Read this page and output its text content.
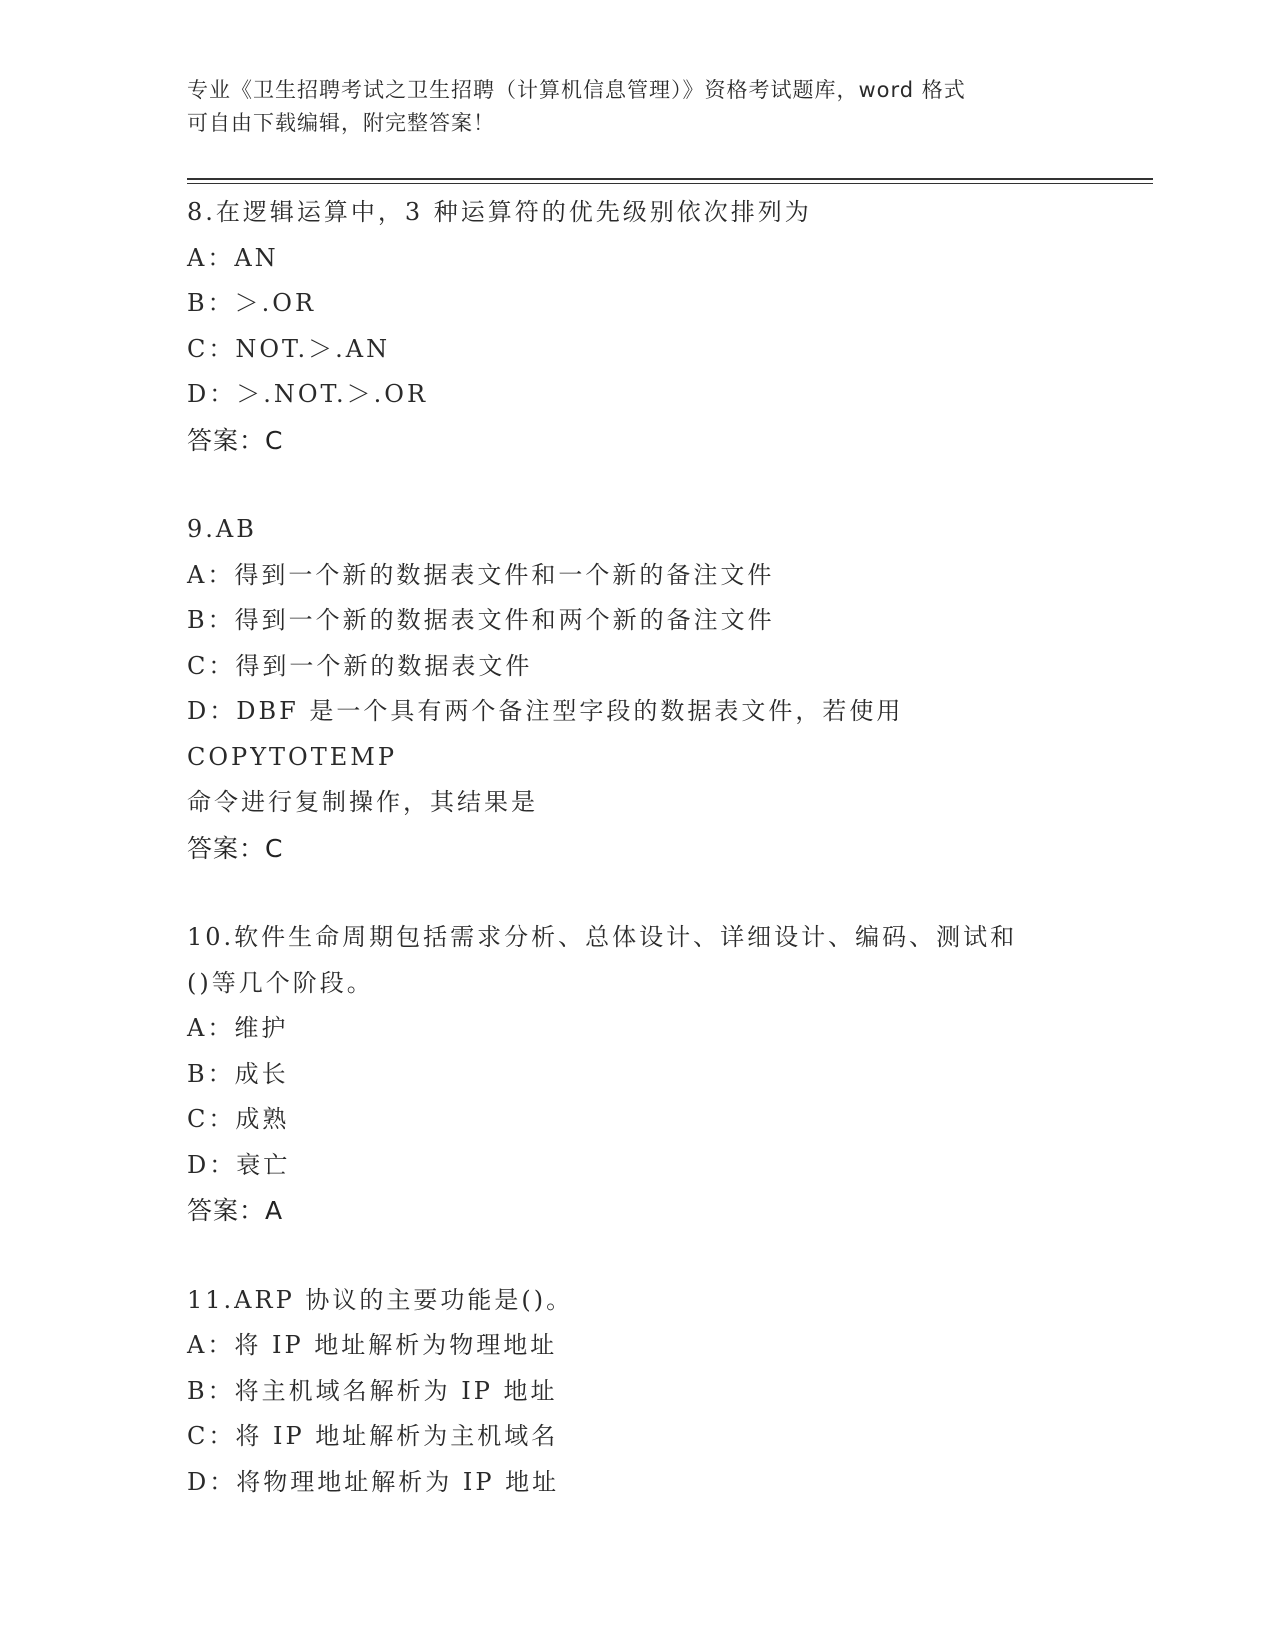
专业《卫生招聘考试之卫生招聘（计算机信息管理）》资格考试题库，word 格式
可自由下载编辑，附完整答案！
8.在逻辑运算中，3 种运算符的优先级别依次排列为
A：AN
B：＞.OR
C：NOT.＞.AN
D：＞.NOT.＞.OR
答案：C
9.AB
A：得到一个新的数据表文件和一个新的备注文件
B：得到一个新的数据表文件和两个新的备注文件
C：得到一个新的数据表文件
D：DBF 是一个具有两个备注型字段的数据表文件，若使用 COPYTOTEMP
命令进行复制操作，其结果是
答案：C
10.软件生命周期包括需求分析、总体设计、详细设计、编码、测试和
()等几个阶段。
A：维护
B：成长
C：成熟
D：衰亡
答案：A
11.ARP 协议的主要功能是()。
A：将 IP 地址解析为物理地址
B：将主机域名解析为 IP 地址
C：将 IP 地址解析为主机域名
D：将物理地址解析为 IP 地址
